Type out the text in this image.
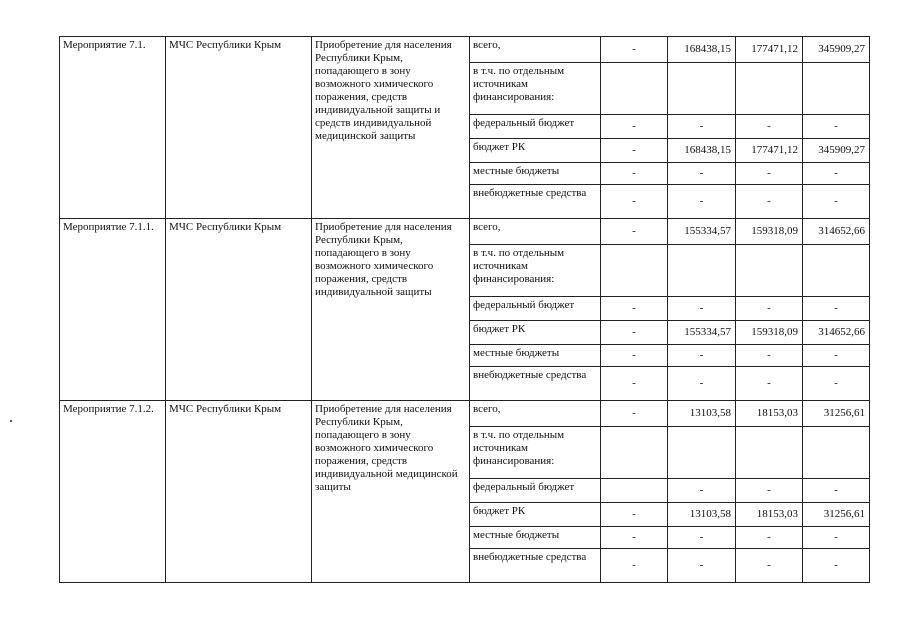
Мероприятие 7.1.	МЧС Республики Крым	Приобретение для населения Республики Крым, попадающего в зону возможного химического поражения, средств индивидуальной защиты и средств индивидуальной медицинской защиты	всего,	-	168438,15	177471,12	345909,27
			в т.ч. по отдельным источникам финансирования:				
			федеральный бюджет	-	-	-	-
			бюджет РК	-	168438,15	177471,12	345909,27
			местные бюджеты	-	-	-	-
			внебюджетные средства	-	-	-	-
Мероприятие 7.1.1.	МЧС Республики Крым	Приобретение для населения Республики Крым, попадающего в зону возможного химического поражения, средств индивидуальной защиты	всего,	-	155334,57	159318,09	314652,66
			в т.ч. по отдельным источникам финансирования:				
			федеральный бюджет	-	-	-	-
			бюджет РК	-	155334,57	159318,09	314652,66
			местные бюджеты	-	-	-	-
			внебюджетные средства	-	-	-	-
Мероприятие 7.1.2.	МЧС Республики Крым	Приобретение для населения Республики Крым, попадающего в зону возможного химического поражения, средств индивидуальной медицинской защиты	всего,	-	13103,58	18153,03	31256,61
			в т.ч. по отдельным источникам финансирования:				
			федеральный бюджет		-	-	-
			бюджет РК	-	13103,58	18153,03	31256,61
			местные бюджеты	-	-	-	-
			внебюджетные средства	-	-	-	-
